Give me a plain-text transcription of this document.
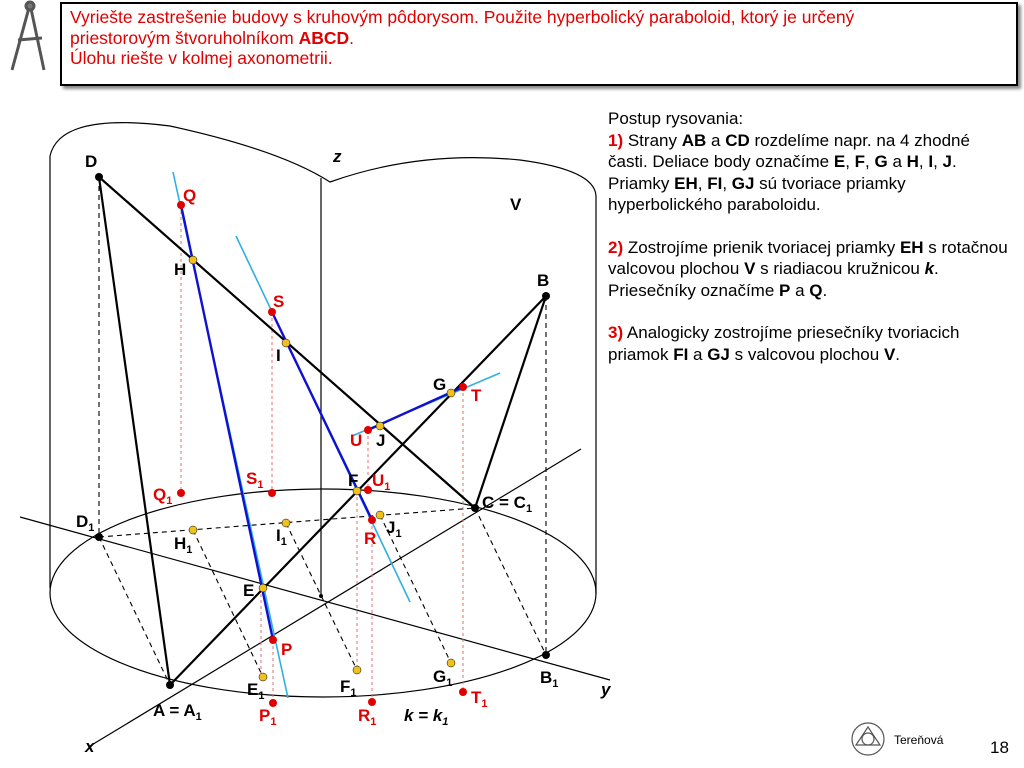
D
Q
H
S
I
G
T
U J
F $U_1$
$S_1$
$Q_1$	$C = C_1$
$D_1$
$H_1$
$I_1$	R
$J_1$
E
P
$G_1$	$B_1$
$E_1$	$F_1$	$T_1$
y
$A = A_1$	$P_1$	$R_1$ $k = k_1$
x
z
V
B
Vyriešte zastrešenie budovy s kruhovým pôdorysom. Použite hyperbolický paraboloid, ktorý je určený
priestorovým štvoruholníkom ABCD.
Úlohu riešte v kolmej axonometrii.
Postup rysovania:

1) Strany AB a CD rozdelíme napr. na 4 zhodné časti. Deliace body označíme E, F, G a H, I, J. Priamky EH, FI, GJ sú tvoriace priamky hyperbolického paraboloidu.

2) Zostrojíme prienik tvoriacej priamky EH s rotačnou valcovou plochou V s riadiacou kružnicou k. Priesečníky označíme P a Q.

3) Analogicky zostrojíme priesečníky tvoriacich priamok FI a GJ s valcovou plochou V.

Tereňová	18
